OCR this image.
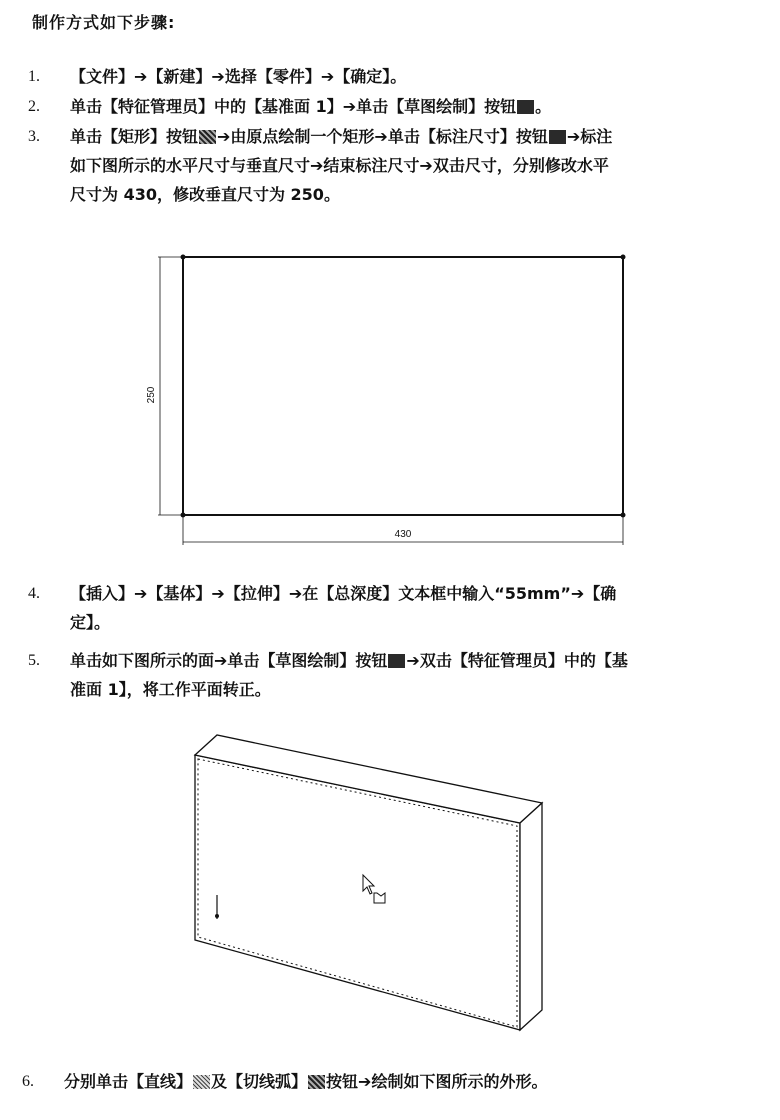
制作方式如下步骤:
1.	【文件】➔【新建】➔选择【零件】➔【确定】。
2.	单击【特征管理员】中的【基准面 1】➔单击【草图绘制】按钮 。
3.	单击【矩形】按钮 ➔由原点绘制一个矩形➔单击【标注尺寸】按钮 ➔标注
如下图所示的水平尺寸与垂直尺寸➔结束标注尺寸➔双击尺寸，分别修改水平
尺寸为 430，修改垂直尺寸为 250。
250
430
4.	【插入】➔【基体】➔【拉伸】➔在【总深度】文本框中输入“55mm”➔【确
定】。
5.	单击如下图所示的面➔单击【草图绘制】按钮 ➔双击【特征管理员】中的【基
准面 1】，将工作平面转正。
6.	分别单击【直线】 及【切线弧】 按钮➔绘制如下图所示的外形。
